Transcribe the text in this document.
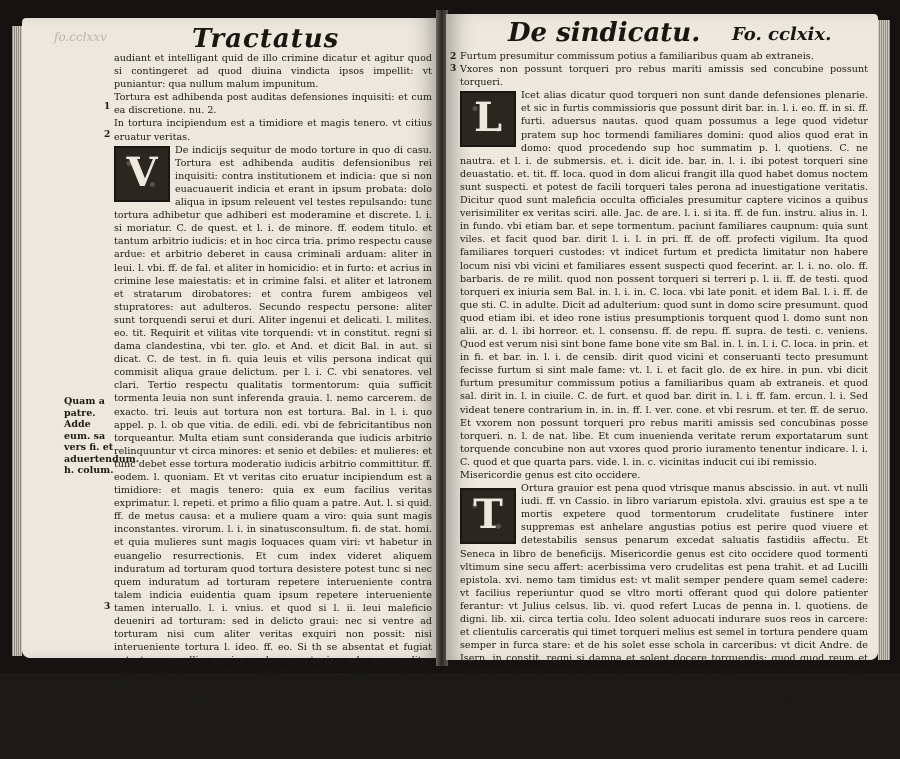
fo.cclxxv	Tractatus
1
2
3
Quam a patre. Adde eum. sa vers fi. et aduertendum. h. colum.
audiant et intelligant quid de illo crimine dicatur et agitur quod si contingeret ad quod diuina vindicta ipsos impellit: vt puniantur: qua nullum malum impunitum.
Tortura est adhibenda post auditas defensiones inquisiti: et cum ea discretione. nu. 2.
In tortura incipiendum est a timidiore et magis tenero. vt citius eruatur veritas.
V	De indicijs sequitur de modo torture in quo di casu. Tortura est adhibenda auditis defensionibus rei inquisiti: contra institutionem et indicia: que si non euacuauerit indicia et erant in ipsum probata: dolo aliqua in ipsum releuent vel testes repulsando: tunc tortura adhibetur que adhiberi est moderamine et discrete. l. i. si moriatur. C. de quest. et l. i. de minore. ff. eodem titulo. et tantum arbitrio iudicis: et in hoc circa tria. primo respectu cause ardue: et arbitrio deberet in causa criminali arduam: aliter in leui. l. vbi. ff. de fal. et aliter in homicidio: et in furto: et acrius in crimine lese maiestatis: et in crimine falsi. et aliter et latronem et stratarum dirobatores: et contra furem ambigeos vel stupratores: aut adulteros. Secundo respectu persone: aliter sunt torquendi serui et duri. Aliter ingenui et delicati. l. milites. eo. tit. Requirit et vilitas vite torquendi: vt in constitut. regni si dama clandestina, vbi ter. glo. et And. et dicit Bal. in aut. si dicat. C. de test. in fi. quia leuis et vilis persona indicat qui commisit aliqua graue delictum. per l. i. C. vbi senatores. vel clari. Tertio respectu qualitatis tormentorum: quia sufficit tormenta leuia non sunt inferenda grauia. l. nemo carcerem. de exacto. tri. leuis aut tortura non est tortura. Bal. in l. i. quo appel. p. l. ob que vitia. de edili. edi. vbi de febricitantibus non torqueantur. Multa etiam sunt consideranda que iudicis arbitrio relinquuntur vt circa minores: et senio et debiles: et mulieres: et tunc debet esse tortura moderatio iudicis arbitrio committitur. ff. eodem. l. quoniam. Et vt veritas cito eruatur incipiendum est a timidiore: et magis tenero: quia ex eum facilius veritas exprimatur. l. repeti. et primo a filio quam a patre. Aut. l. si quid. ff. de metus causa: et a muliere quam a viro: quia sunt magis inconstantes. virorum. l. i. in sinatusconsultum. fi. de stat. homi. et quia mulieres sunt magis loquaces quam viri: vt habetur in euangelio resurrectionis. Et cum index videret aliquem induratum ad torturam quod tortura desistere potest tunc si nec quem induratum ad torturam repetere interueniente contra talem indicia euidentia quam ipsum repetere interueniente tamen interuallo. l. i. vnius. et quod si l. ii. leui maleficio deueniri ad torturam: sed in delicto graui: nec si ventre ad torturam nisi cum aliter veritas exquiri non possit: nisi interueniente tortura l. ideo. ff. eo. Si th se absentat et fugiat potest compelli remiss ad opportunis ad personaliter comparendum: vt torturas subeat. l. fin. C. quod et quando iudex. cum dubitur dilatio ad confirmandum ex quare non sint torquendus. l. milites. et l. cognitio naliter. et l. i. ff. vnius de quest. Bal. in Ange. in l. i. ff. quest. et in l. milites. eo. tit. et de hac repetitione vide. l. ff. latius.
Custodes possunt torqueri qui furta sunt de nocte.
In causa adulterij tota familia potest torqueri.
De sindicatu. Fo. cclxix.
2
3
Furtum presumitur commissum potius a familiaribus quam ab extraneis.
Vxores non possunt torqueri pro rebus mariti amissis sed concubine possunt torqueri.
L	Icet alias dicatur quod torqueri non sunt dande defensiones plenarie. et sic in furtis commissioris que possunt dirit bar. in. l. i. eo. ff. in si. ff. furti. aduersus nautas. quod quam possumus a lege quod videtur pratem sup hoc tormendi familiares domini: quod alios quod erat in domo: quod procedendo sup hoc summatim p. l. quotiens. C. ne nautra. et l. i. de submersis. et. i. dicit ide. bar. in. l. i. ibi potest torqueri sine deuastatio. et. tit. ff. loca. quod in dom alicui frangit illa quod habet domus noctem sunt suspecti. et potest de facili torqueri tales perona ad inuestigatione veritatis. Dicitur quod sunt maleficia occulta officiales presumitur captere vicinos a quibus verisimiliter ex veritas sciri. alle. Jac. de are. l. i. si ita. ff. de fun. instru. alius in. l. in fundo. vbi etiam bar. et sepe tormentum. paciunt familiares caupnum: quia sunt viles. et facit quod bar. dirit l. i. l. in pri. ff. de off. profecti vigilum. Ita quod familiares torqueri custodes: vt indicet furtum et predicta limitatur non habere locum nisi vbi vicini et familiares essent suspecti quod fecerint. ar. l. i. no. olo. ff. barbaris. de re milit. quod non possent torqueri si terreri p. l. ii. ff. de testi. quod torqueri ex iniuria sem Bal. in. l. i. in. C. loca. vbi late ponit. et idem Bal. l. i. ff. de que sti. C. in adulte. Dicit ad adulterium: quod sunt in domo scire presumunt. quod quod etiam ibi. et ideo rone istius presumptionis torquent quod l. domo sunt non alii. ar. d. l. ibi horreor. et. l. consensu. ff. de repu. ff. supra. de testi. c. veniens. Quod est verum nisi sint bone fame bone vite sm Bal. in. l. in. l. i. C. loca. in prin. et in fi. et bar. in. l. i. de censib. dirit quod vicini et conseruanti tecto presumunt fecisse furtum si sint male fame: vt. l. i. et facit glo. de ex hire. in pun. vbi dicit furtum presumitur commissum potius a familiaribus quam ab extraneis. et quod sal. dirit in. l. in ciuile. C. de furt. et quod bar. dirit in. l. i. ff. fam. ercun. l. i. Sed videat tenere contrarium in. in. in. ff. l. ver. cone. et vbi resrum. et ter. ff. de seruo. Et vxorem non possunt torqueri pro rebus mariti amissis sed concubinas posse torqueri. n. l. de nat. libe. Et cum inuenienda veritate rerum exportatarum sunt torquende concubine non aut vxores quod prorio iuramento tenentur indicare. l. i. C. quod et que quarta pars. vide. l. in. c. vicinitas inducit cui ibi remissio.
Misericordie genus est cito occidere.
T
Ortura grauior est pena quod vtrisque manus abscissio. in aut. vt nulli iudi. ff. vn Cassio. in libro variarum epistola. xlvi. grauius est spe a te mortis expetere quod tormentorum crudelitate fustinere inter suppremas est anhelare angustias potius est perire quod viuere et detestabilis sensus penarum excedat saluatis fastidiis affectu. Et Seneca in libro de beneficijs. Misericordie genus est cito occidere quod tormenti vltimum sine secu affert: acerbissima vero crudelitas est pena trahit. et ad Lucilli epistola. xvi. nemo tam timidus est: vt malit semper pendere quam semel cadere: vt facilius reperiuntur quod se vltro morti offerant quod qui dolore patienter ferantur: vt Julius celsus. lib. vi. quod refert Lucas de penna in. l. quotiens. de digni. lib. xii. circa tertia colu. Ideo solent aduocati indurare suos reos in carcere: et clientulis carceratis qui timet torqueri melius est semel in tortura pendere quam semper in furca stare: et de his solet esse schola in carceribus: vt dicit Andre. de Isern. in constit. regni si damna et solent docere torquendis: quod quod reum et habentes brachia fracta nonne sustineres medicum aptante ossa cum dolore: quod et si ferro si studiose illaco vetareris nonne pateres. quid enim et si podagram haberes nonne sustineres dolore. aut te occideres: ideo et melius est breui tempore dolore mortis quod et preferre quod mortem subire: et sic solet indurare mente reorum: ne constare ant. Multi enim indurant habentes breuia scripta in brachijs et dicit magnus theologus quod et is gestaret in dorso versum psalmi. Cotere brachium pecca
